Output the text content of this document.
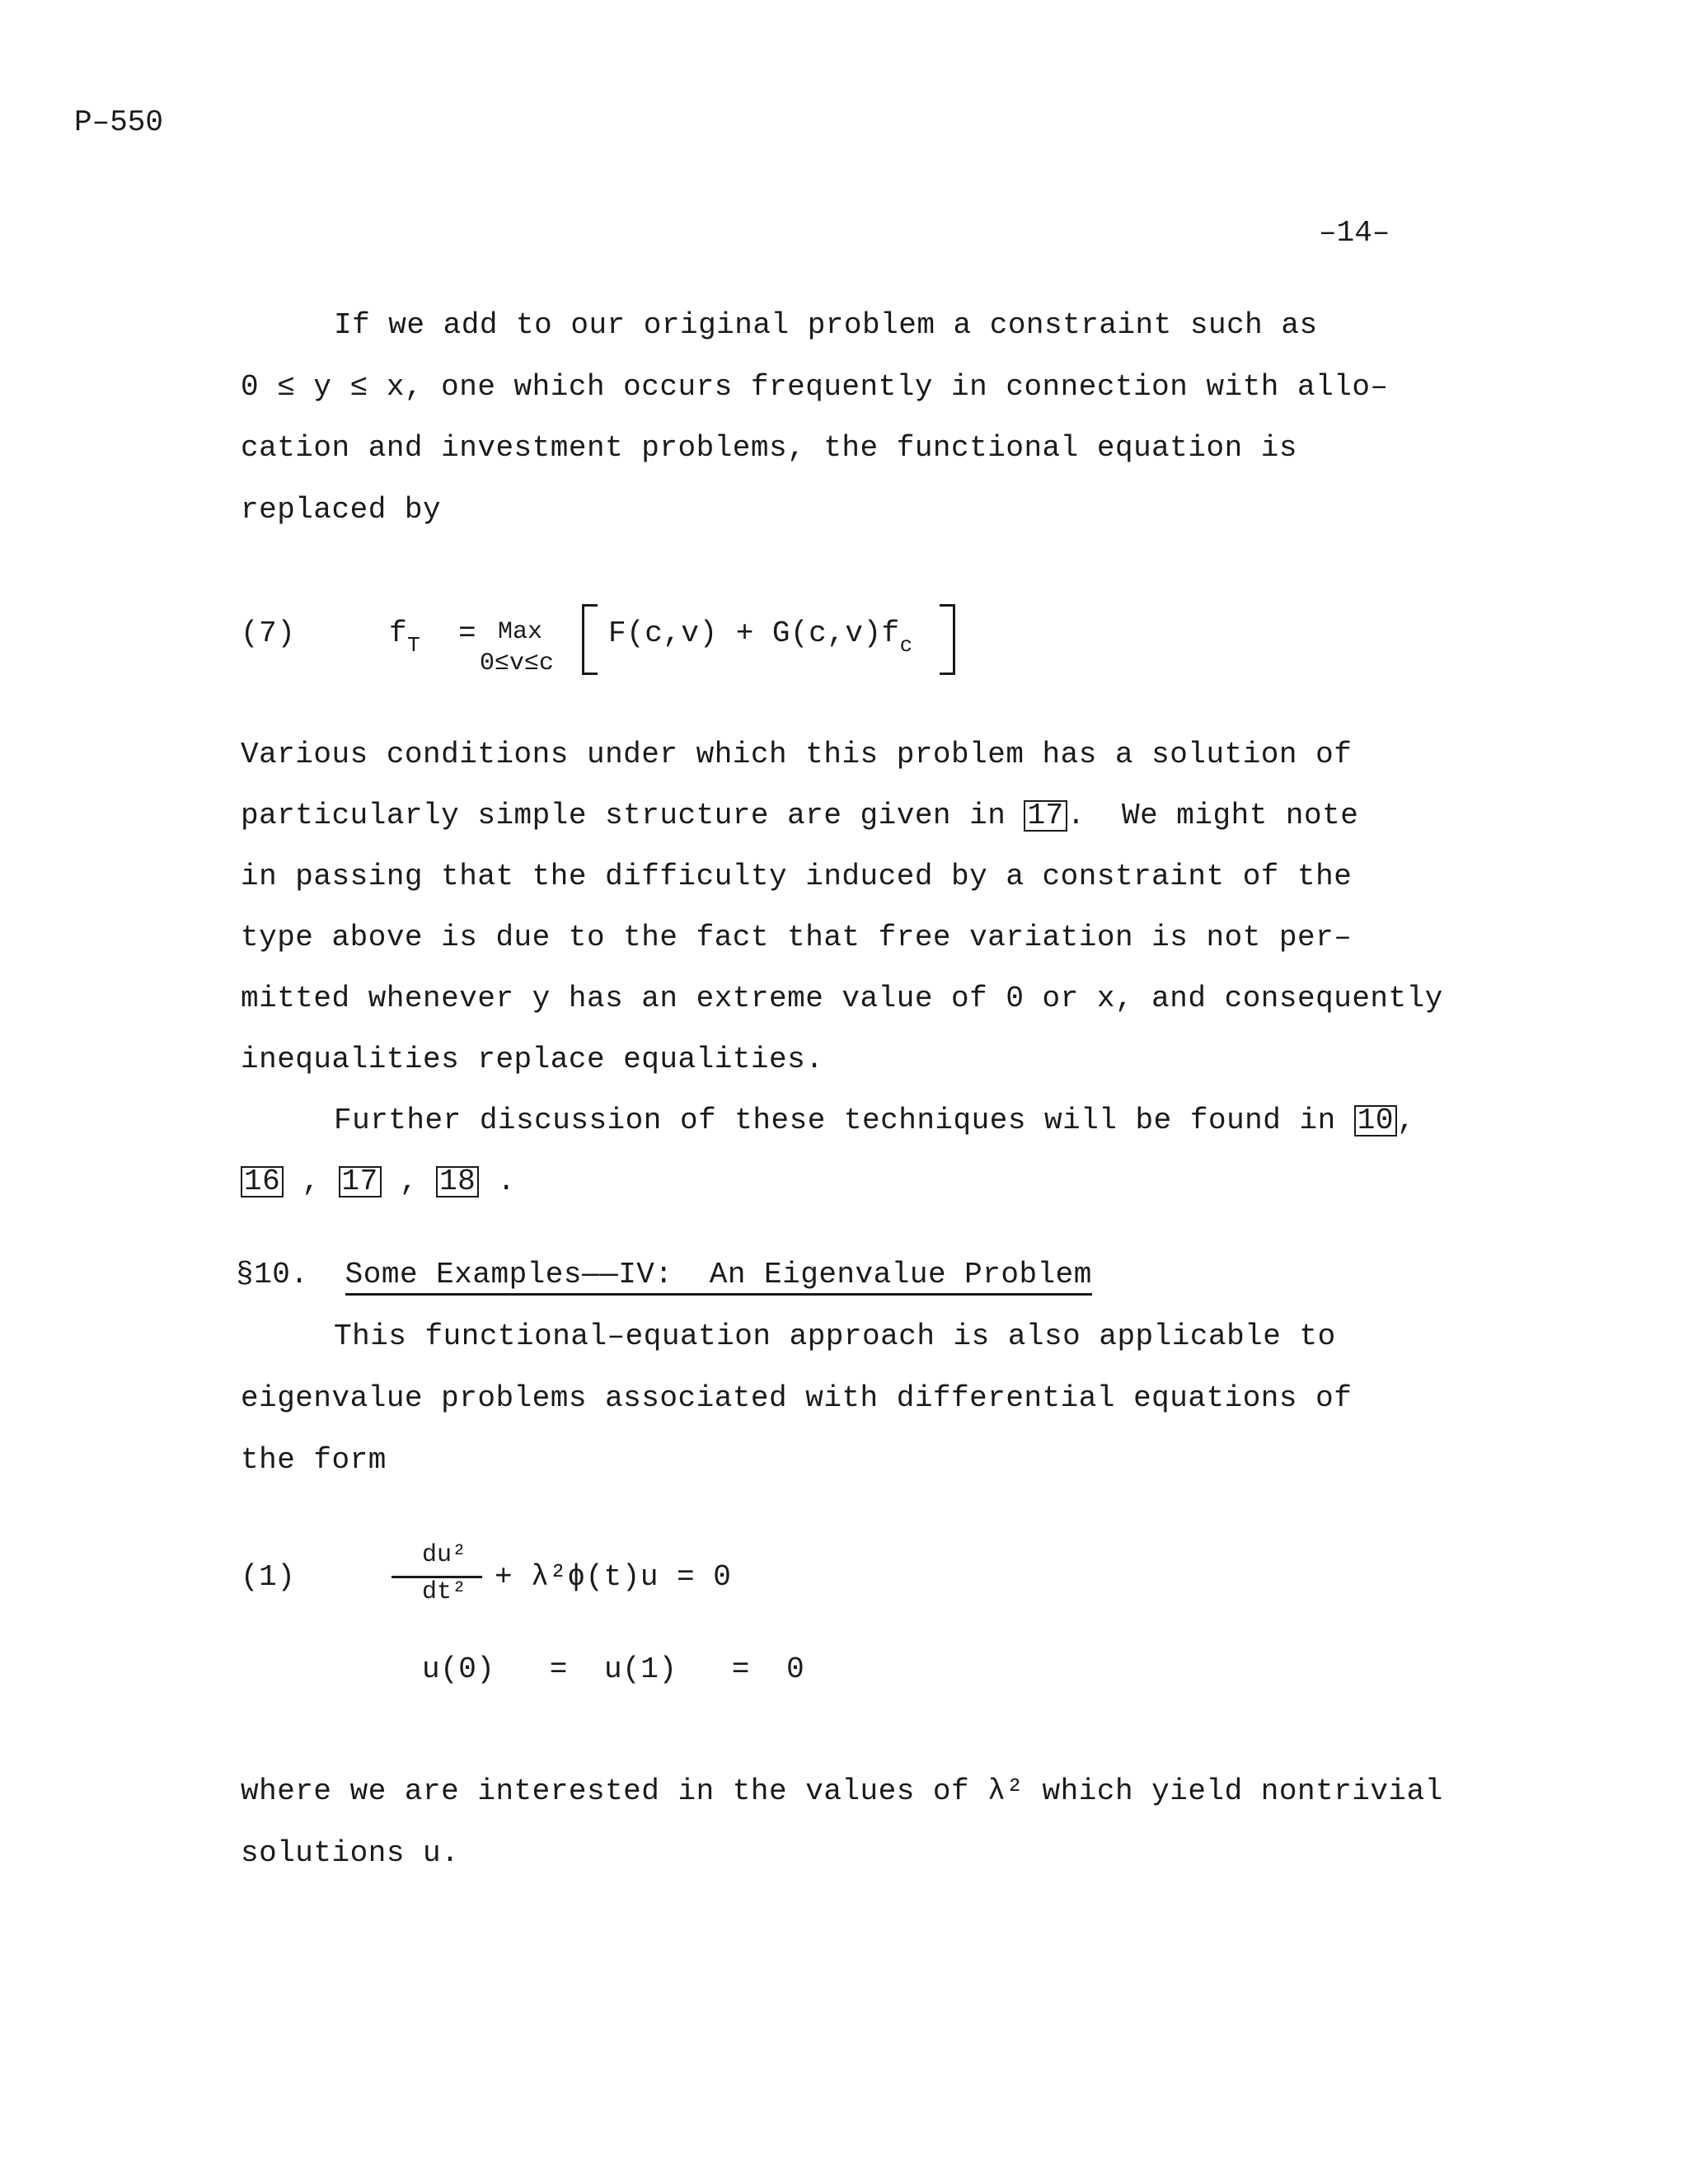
P–550
–14–
If we add to our original problem a constraint such as
0 ≤ y ≤ x, one which occurs frequently in connection with allo–
cation and investment problems, the functional equation is
replaced by
(7)	$f_T$ = Max
0≤v≤c
$F(c,v) + G(c,v)f_c$
Various conditions under which this problem has a solution of
particularly simple structure are given in 17 .  We might note
in passing that the difficulty induced by a constraint of the
type above is due to the fact that free variation is not per–
mitted whenever y has an extreme value of 0 or x, and consequently
inequalities replace equalities.
Further discussion of these techniques will be found in 10 ,
16 , 17 , 18 .
§10. Some Examples——IV:  An Eigenvalue Problem
This functional–equation approach is also applicable to
eigenvalue problems associated with differential equations of
the form
(1)
du²
dt² + λ²ϕ(t)u = 0
u(0)   =  u(1)   =  0
where we are interested in the values of λ² which yield nontrivial
solutions u.
